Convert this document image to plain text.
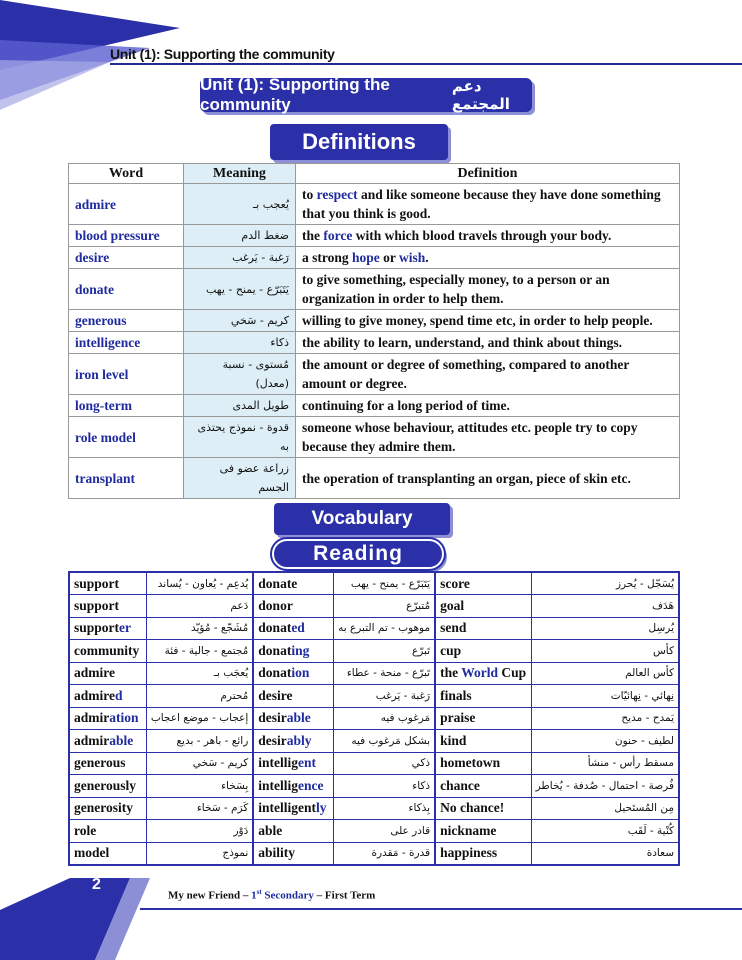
Unit (1): Supporting the community
Unit (1): Supporting the community
دعم المجتمع
Definitions
Word	Meaning	Definition
admire	يُعجب بـ	to respect and like someone because they have done something that you think is good.
blood pressure	ضغط الدم	the force with which blood travels through your body.
desire	رَغبة - يَرغب	a strong hope or wish.
donate	يَتَبَرّع - يمنح - يهب	to give something, especially money, to a person or an organization in order to help them.
generous	كريم - سَخي	willing to give money, spend time etc, in order to help people.
intelligence	ذكاء	the ability to learn, understand, and think about things.
iron level	مُستوى - نسبة (معدل)	the amount or degree of something, compared to another amount or degree.
long-term	طويل المدى	continuing for a long period of time.
role model	قدوة - نموذج يحتذى به	someone whose behaviour, attitudes etc. people try to copy because they admire them.
transplant	زراعة عضو فى الجسم	the operation of transplanting an organ, piece of skin etc.
Vocabulary
Reading
support	يُدعِم - يُعاون - يُساند	donate	يَتَبَرّع - يمنح - يهب	score	يُسَجّل - يُحرز
support	دَعم	donor	مُتبرّع	goal	هَدَف
supporter	مُشَجّع - مُؤيّد	donated	موهوب - تم التبرع به	send	يُرسِل
community	مُجتمع - جالية - فئة	donating	تَبرّع	cup	كأس
admire	يُعجَب بـ	donation	تَبرّع - منحة - عطاء	the World Cup	كأس العالم
admired	مُحترم	desire	رَغبة - يَرغب	finals	نِهائي - نِهائيّات
admiration	إعجاب - موضع اعجاب	desirable	مَرغوب فيه	praise	يَمدح - مديح
admirable	رائع - باهر - بديع	desirably	بشكل مَرغوب فيه	kind	لطيف - حنون
generous	كريم - سَخي	intelligent	ذكي	hometown	مسقط رأس - منشأ
generously	بِسَخاء	intelligence	ذكاء	chance	فُرصة - احتمال - صُدفة - يُخاطر
generosity	كَرَم - سَخاء	intelligently	بِذكاء	No chance!	مِن المُستَحيل
role	دَوْر	able	قادر على	nickname	كُنْية - لَقَب
model	نموذج	ability	قدرة - مَقدرة	happiness	سعادة
2
My new Friend – 1st Secondary – First Term
